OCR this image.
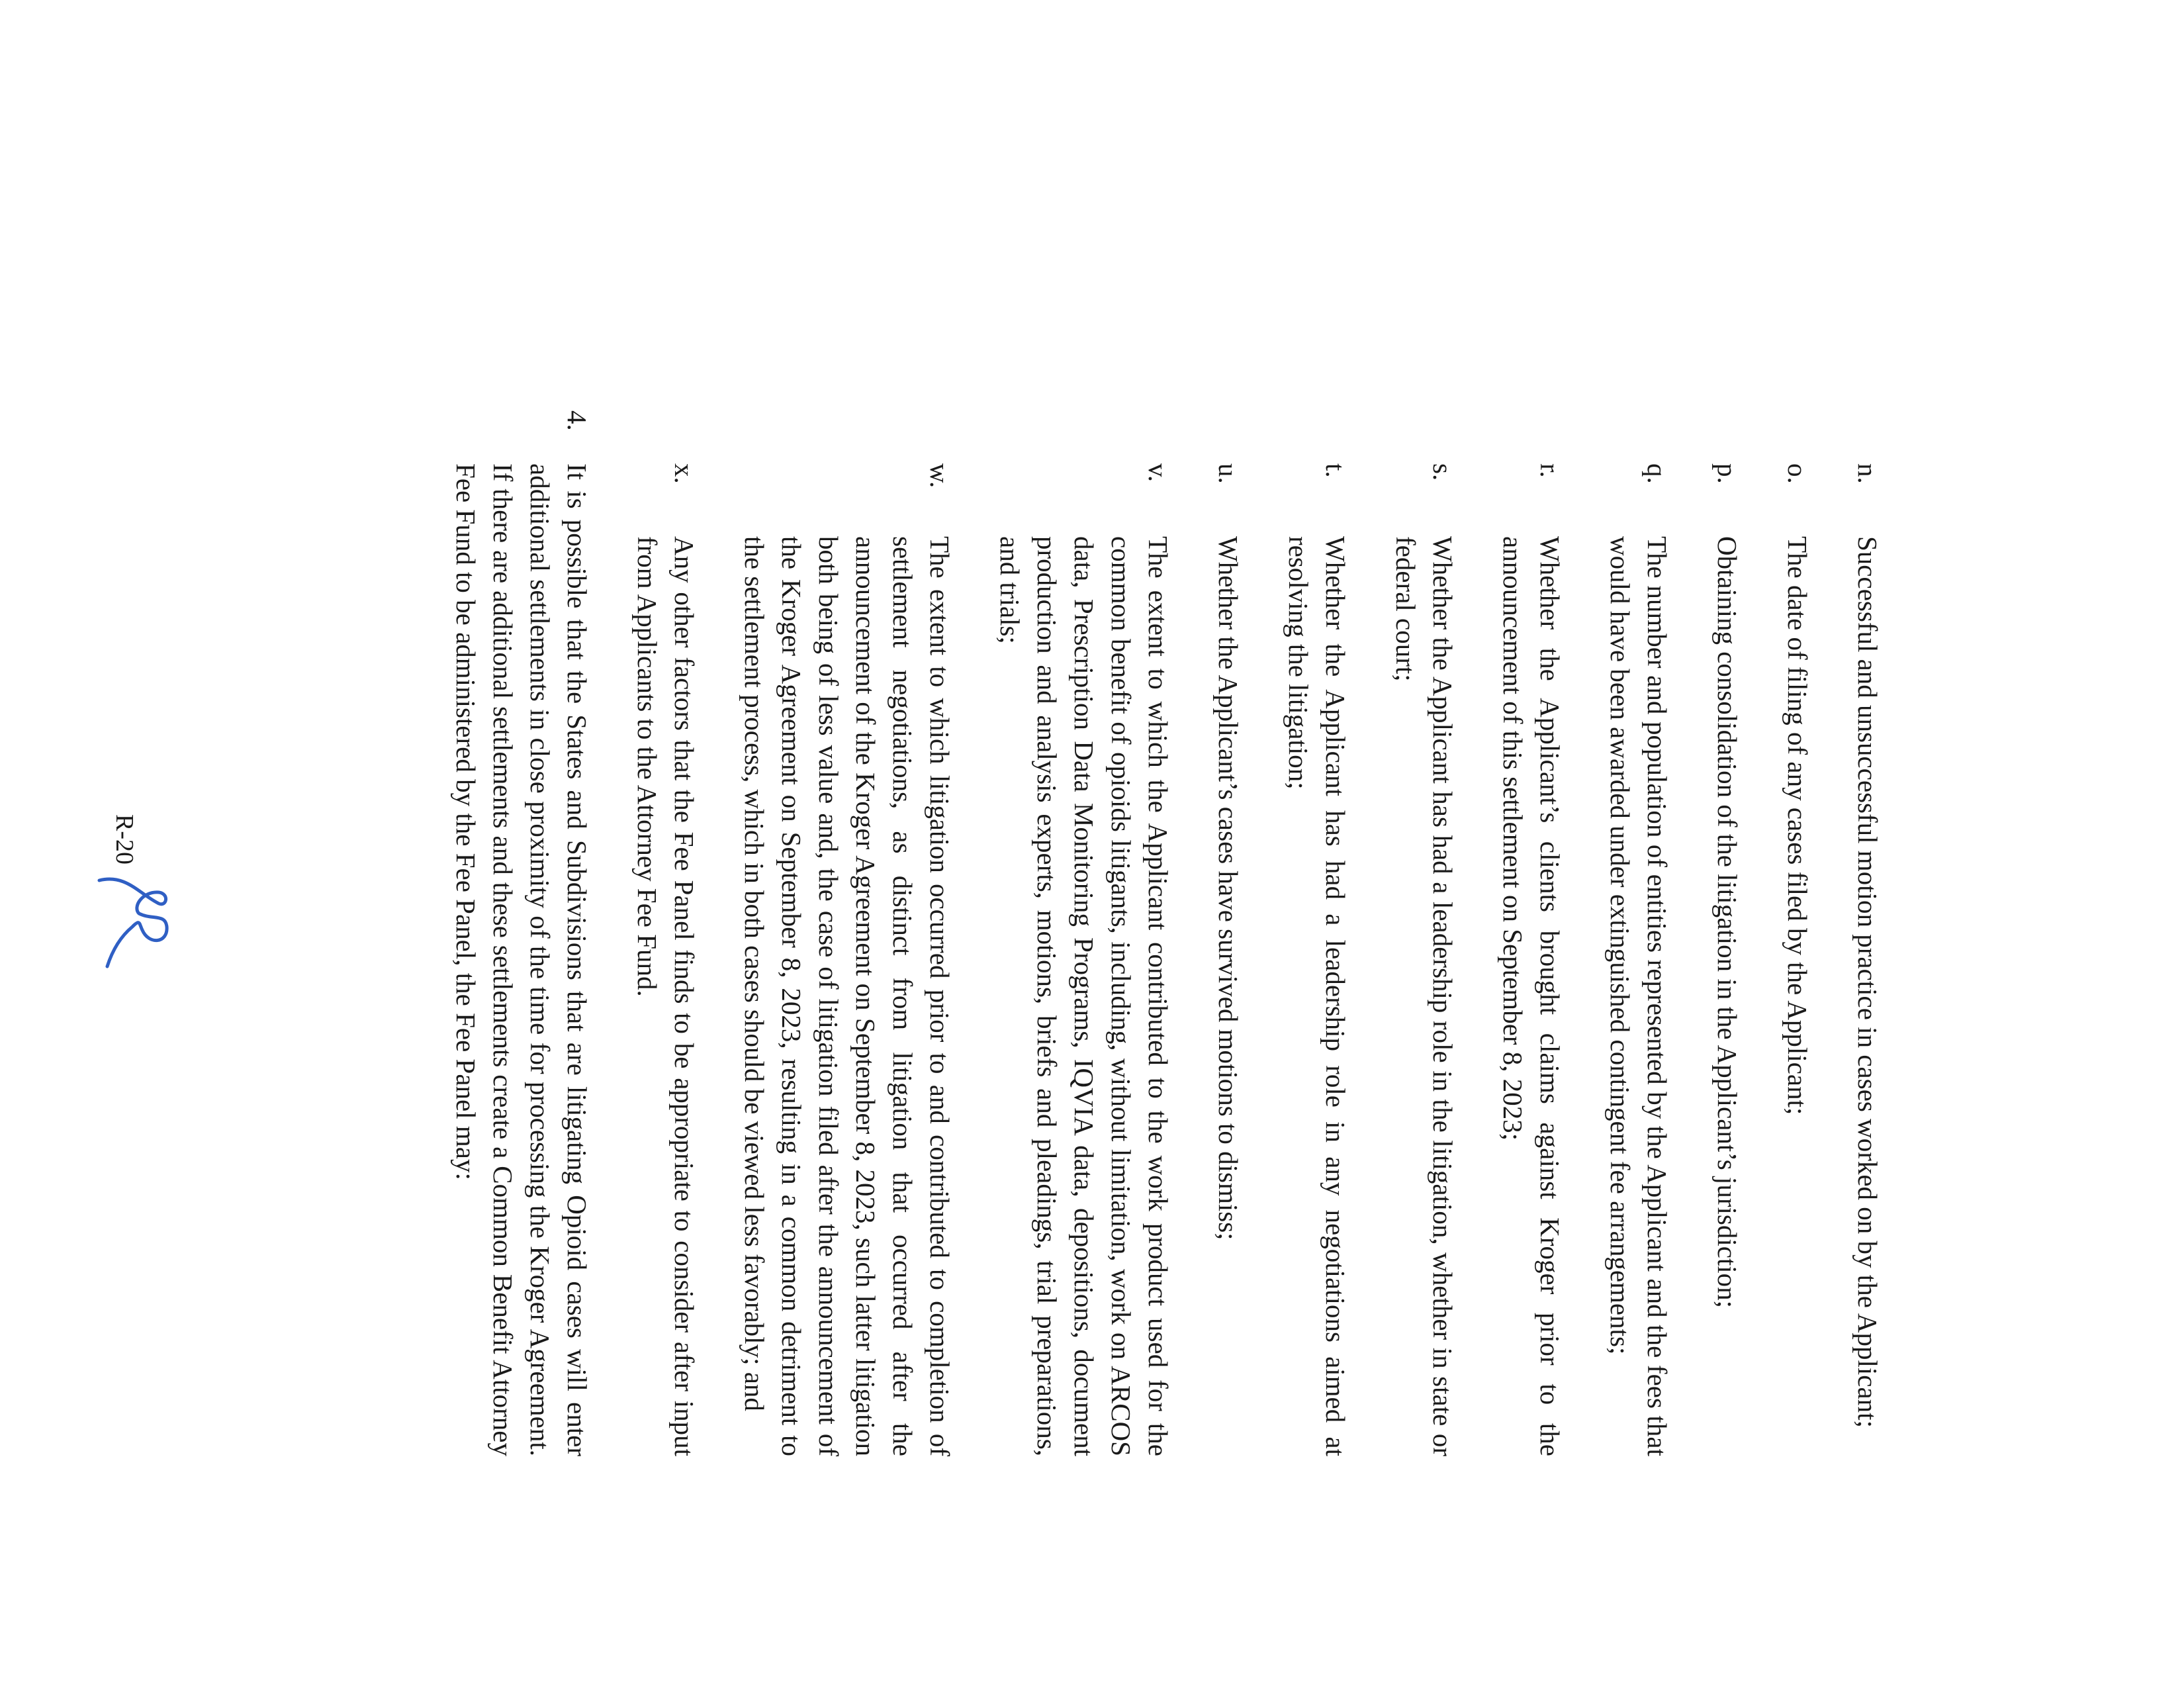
n.
Successful and unsuccessful motion practice in cases worked on by the Applicant;
o.
The date of filing of any cases filed by the Applicant;
p.
Obtaining consolidation of the litigation in the Applicant’s jurisdiction;
q.
The number and population of entities represented by the Applicant and the fees that would have been awarded under extinguished contingent fee arrangements;
r.
Whether the Applicant’s clients brought claims against Kroger prior to the announcement of this settlement on September 8, 2023;
s.
Whether the Applicant has had a leadership role in the litigation, whether in state or federal court;
t.
Whether the Applicant has had a leadership role in any negotiations aimed at resolving the litigation;
u.
Whether the Applicant’s cases have survived motions to dismiss;
v.
The extent to which the Applicant contributed to the work product used for the common benefit of opioids litigants, including, without limitation, work on ARCOS data, Prescription Data Monitoring Programs, IQVIA data, depositions, document production and analysis experts, motions, briefs and pleadings, trial preparations, and trials;
w.
The extent to which litigation occurred prior to and contributed to completion of settlement negotiations, as distinct from litigation that occurred after the announcement of the Kroger Agreement on September 8, 2023, such latter litigation both being of less value and, the case of litigation filed after the announcement of the Kroger Agreement on September 8, 2023, resulting in a common detriment to the settlement process, which in both cases should be viewed less favorably; and
x.
Any other factors that the Fee Panel finds to be appropriate to consider after input from Applicants to the Attorney Fee Fund.
4.
It is possible that the States and Subdivisions that are litigating Opioid cases will enter additional settlements in close proximity of the time for processing the Kroger Agreement. If there are additional settlements and these settlements create a Common Benefit Attorney Fee Fund to be administered by the Fee Panel, the Fee Panel may:
R-20
